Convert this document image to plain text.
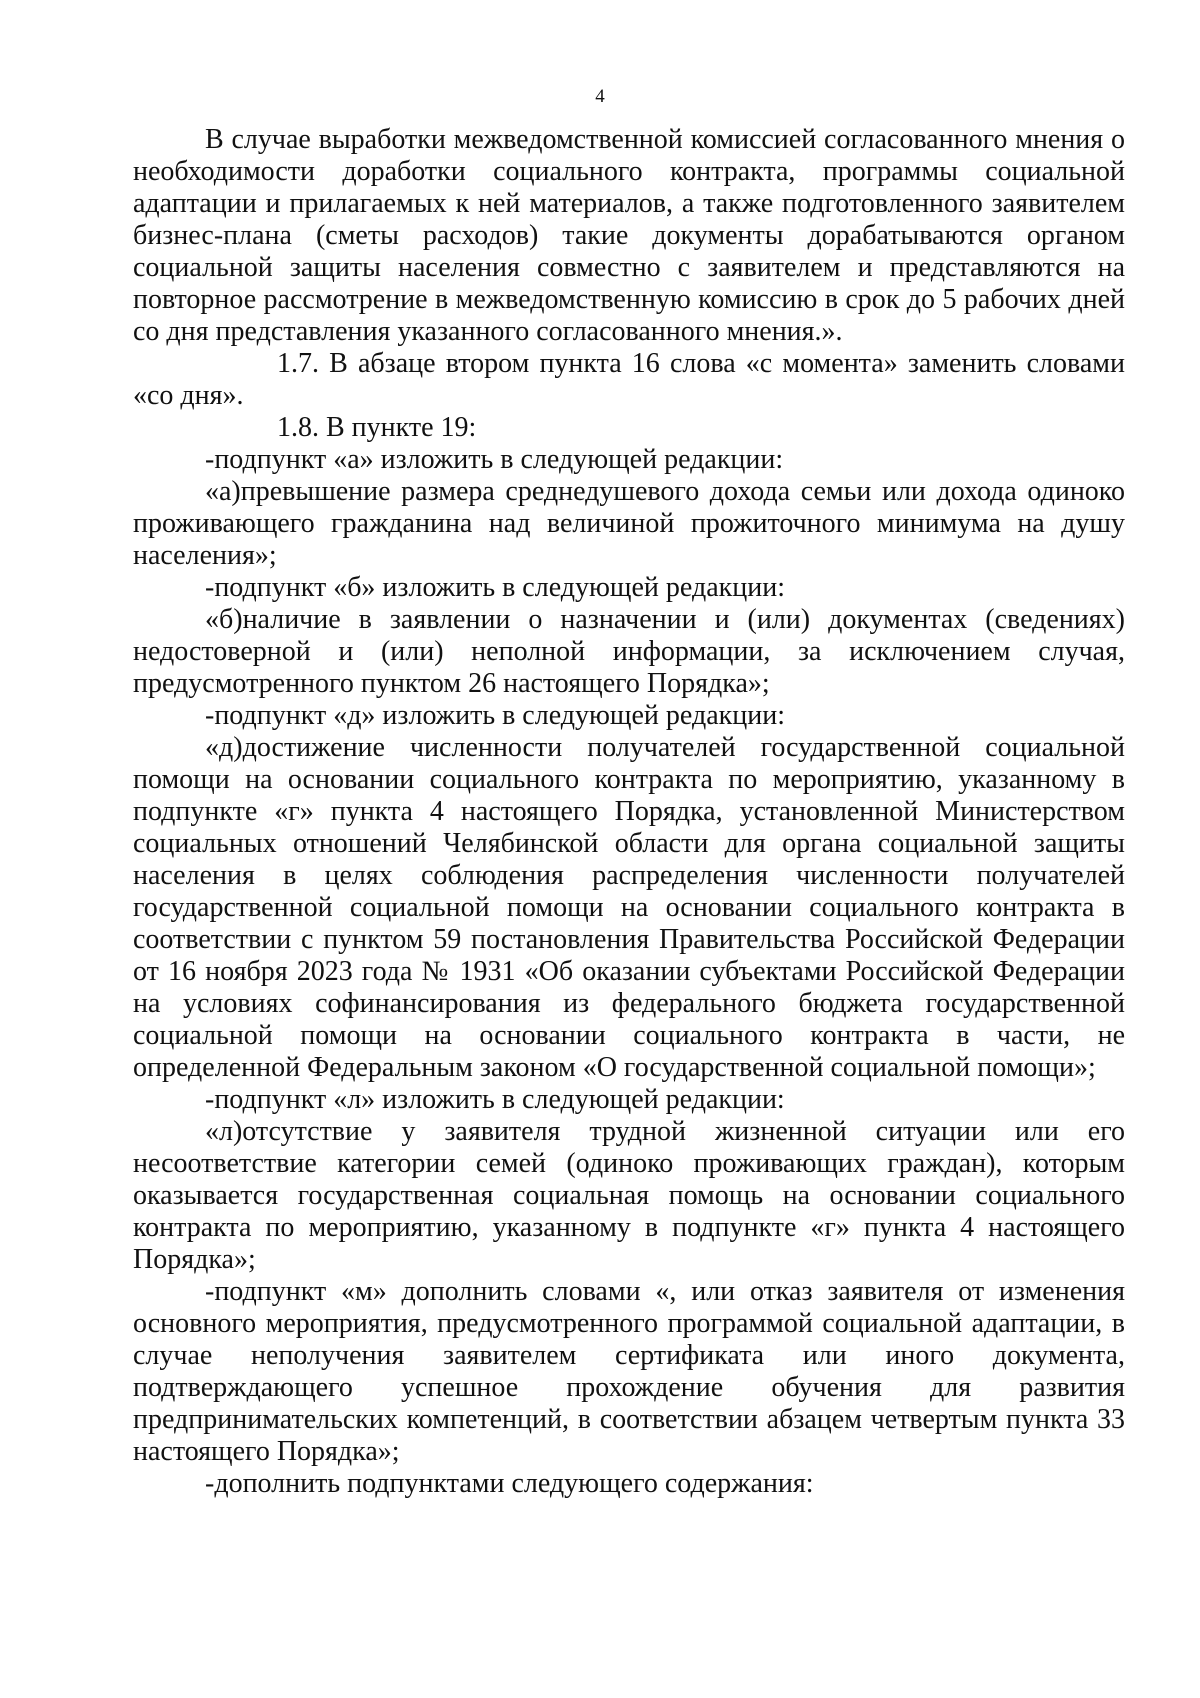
4

В случае выработки межведомственной комиссией согласованного мнения о необходимости доработки социального контракта, программы социальной адаптации и прилагаемых к ней материалов, а также подготовленного заявителем бизнес-плана (сметы расходов) такие документы дорабатываются органом социальной защиты населения совместно с заявителем и представляются на повторное рассмотрение в межведомственную комиссию в срок до 5 рабочих дней со дня представления указанного согласованного мнения.».

1.7. В абзаце втором пункта 16 слова «с момента» заменить словами «со дня».

1.8. В пункте 19:

-подпункт «а» изложить в следующей редакции:

«а)превышение размера среднедушевого дохода семьи или дохода одиноко проживающего гражданина над величиной прожиточного минимума на душу населения»;

-подпункт «б» изложить в следующей редакции:

«б)наличие в заявлении о назначении и (или) документах (сведениях) недостоверной и (или) неполной информации, за исключением случая, предусмотренного пунктом 26 настоящего Порядка»;

-подпункт «д» изложить в следующей редакции:

«д)достижение численности получателей государственной социальной помощи на основании социального контракта по мероприятию, указанному в подпункте «г» пункта 4 настоящего Порядка, установленной Министерством социальных отношений Челябинской области для органа социальной защиты населения в целях соблюдения распределения численности получателей государственной социальной помощи на основании социального контракта в соответствии с пунктом 59 постановления Правительства Российской Федерации от 16 ноября 2023 года № 1931 «Об оказании субъектами Российской Федерации на условиях софинансирования из федерального бюджета государственной социальной помощи на основании социального контракта в части, не определенной Федеральным законом «О государственной социальной помощи»;

-подпункт «л» изложить в следующей редакции:

«л)отсутствие у заявителя трудной жизненной ситуации или его несоответствие категории семей (одиноко проживающих граждан), которым оказывается государственная социальная помощь на основании социального контракта по мероприятию, указанному в подпункте «г» пункта 4 настоящего Порядка»;

-подпункт «м» дополнить словами «, или отказ заявителя от изменения основного мероприятия, предусмотренного программой социальной адаптации, в случае неполучения заявителем сертификата или иного документа, подтверждающего успешное прохождение обучения для развития предпринимательских компетенций, в соответствии абзацем четвертым пункта 33 настоящего Порядка»;

-дополнить подпунктами следующего содержания:
